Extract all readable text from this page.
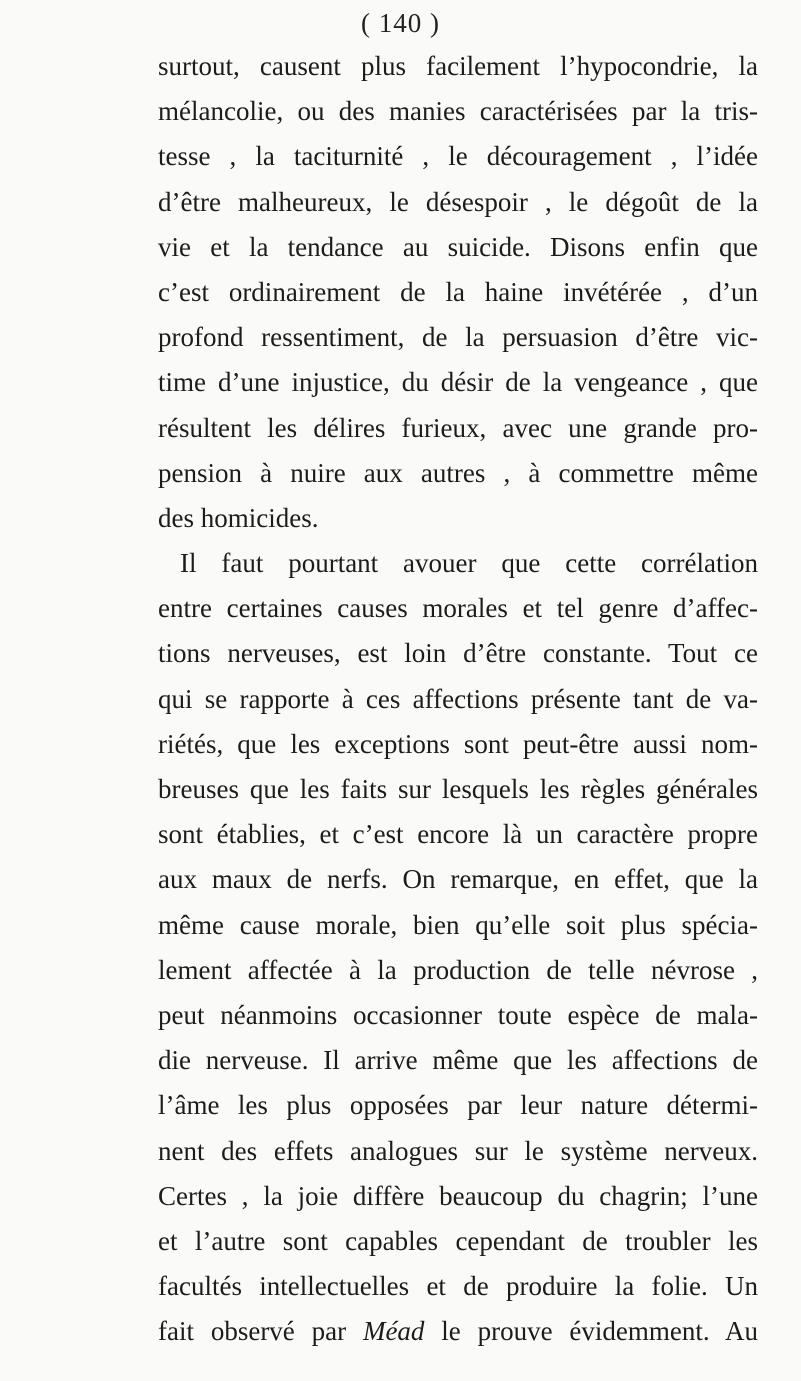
( 140 )
surtout, causent plus facilement l’hypocondrie, la
mélancolie, ou des manies caractérisées par la tris-
tesse , la taciturnité , le découragement , l’idée
d’être malheureux, le désespoir , le dégoût de la
vie et la tendance au suicide. Disons enfin que
c’est ordinairement de la haine invétérée , d’un
profond ressentiment, de la persuasion d’être vic-
time d’une injustice, du désir de la vengeance , que
résultent les délires furieux, avec une grande pro-
pension à nuire aux autres , à commettre même
des homicides.
Il faut pourtant avouer que cette corrélation
entre certaines causes morales et tel genre d’affec-
tions nerveuses, est loin d’être constante. Tout ce
qui se rapporte à ces affections présente tant de va-
riétés, que les exceptions sont peut-être aussi nom-
breuses que les faits sur lesquels les règles générales
sont établies, et c’est encore là un caractère propre
aux maux de nerfs. On remarque, en effet, que la
même cause morale, bien qu’elle soit plus spécia-
lement affectée à la production de telle névrose ,
peut néanmoins occasionner toute espèce de mala-
die nerveuse. Il arrive même que les affections de
l’âme les plus opposées par leur nature détermi-
nent des effets analogues sur le système nerveux.
Certes , la joie diffère beaucoup du chagrin; l’une
et l’autre sont capables cependant de troubler les
facultés intellectuelles et de produire la folie. Un
fait observé par Méad le prouve évidemment. Au
